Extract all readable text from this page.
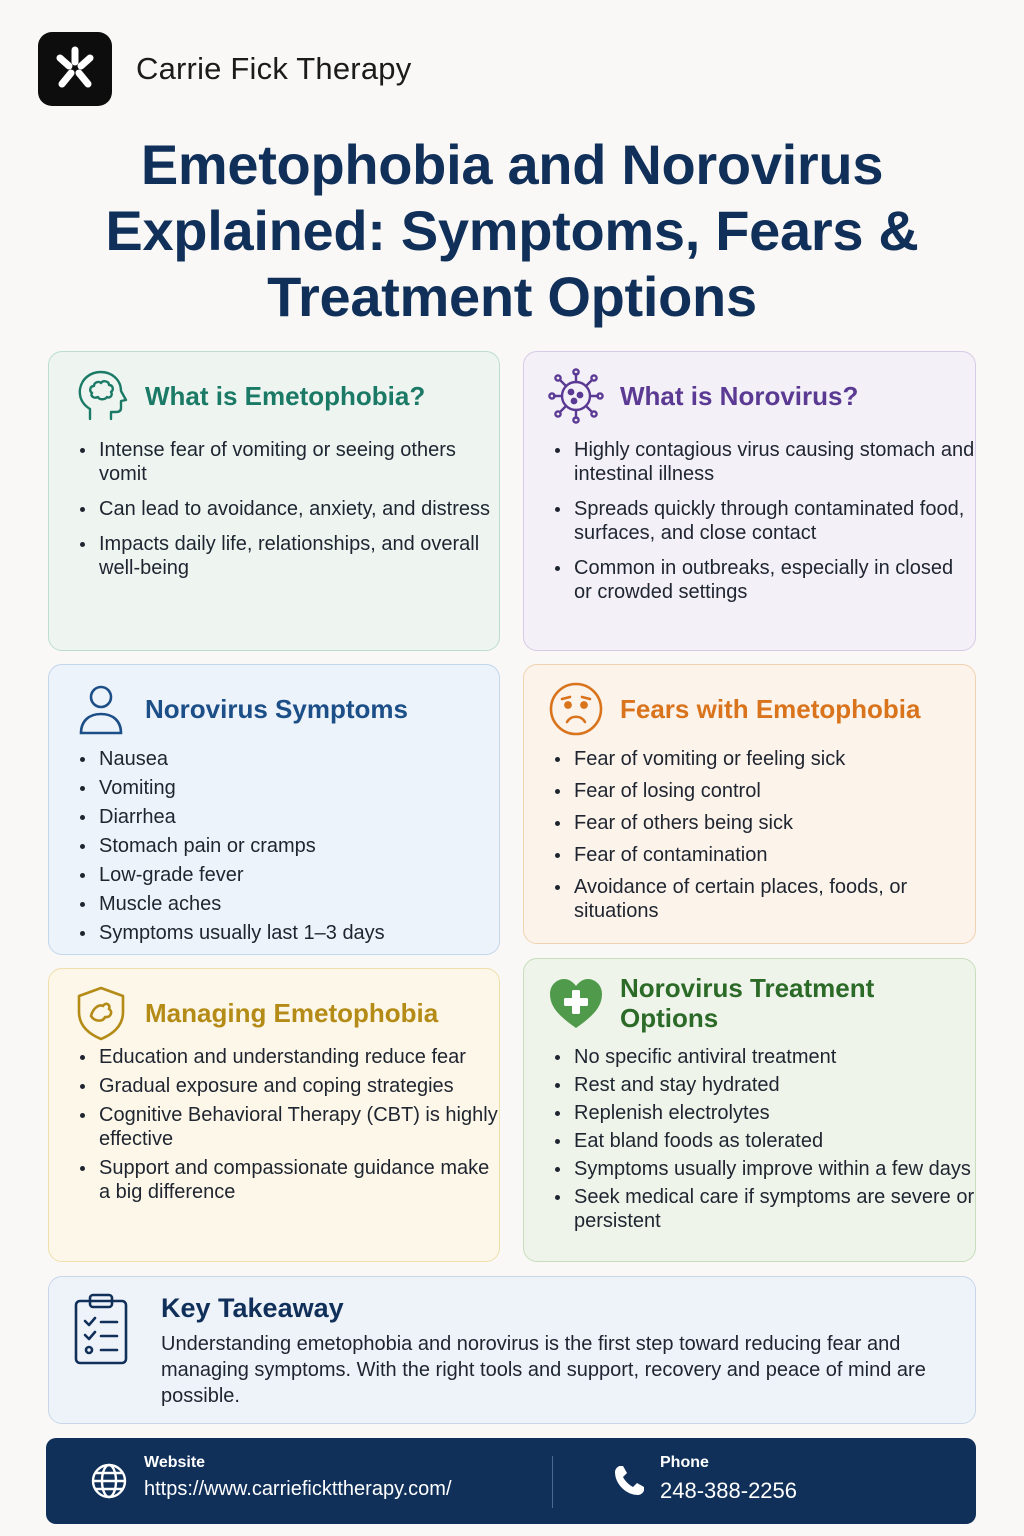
Carrie Fick Therapy
Emetophobia and Norovirus Explained: Symptoms, Fears & Treatment Options
What is Emetophobia?
Intense fear of vomiting or seeing others vomit
Can lead to avoidance, anxiety, and distress
Impacts daily life, relationships, and overall well-being
What is Norovirus?
Highly contagious virus causing stomach and intestinal illness
Spreads quickly through contaminated food, surfaces, and close contact
Common in outbreaks, especially in closed or crowded settings
Norovirus Symptoms
Nausea
Vomiting
Diarrhea
Stomach pain or cramps
Low-grade fever
Muscle aches
Symptoms usually last 1–3 days
Fears with Emetophobia
Fear of vomiting or feeling sick
Fear of losing control
Fear of others being sick
Fear of contamination
Avoidance of certain places, foods, or situations
Managing Emetophobia
Education and understanding reduce fear
Gradual exposure and coping strategies
Cognitive Behavioral Therapy (CBT) is highly effective
Support and compassionate guidance make a big difference
Norovirus Treatment Options
No specific antiviral treatment
Rest and stay hydrated
Replenish electrolytes
Eat bland foods as tolerated
Symptoms usually improve within a few days
Seek medical care if symptoms are severe or persistent
Key Takeaway
Understanding emetophobia and norovirus is the first step toward reducing fear and managing symptoms. With the right tools and support, recovery and peace of mind are possible.
Website
https://www.carriefickttherapy.com/
Phone
248-388-2256
